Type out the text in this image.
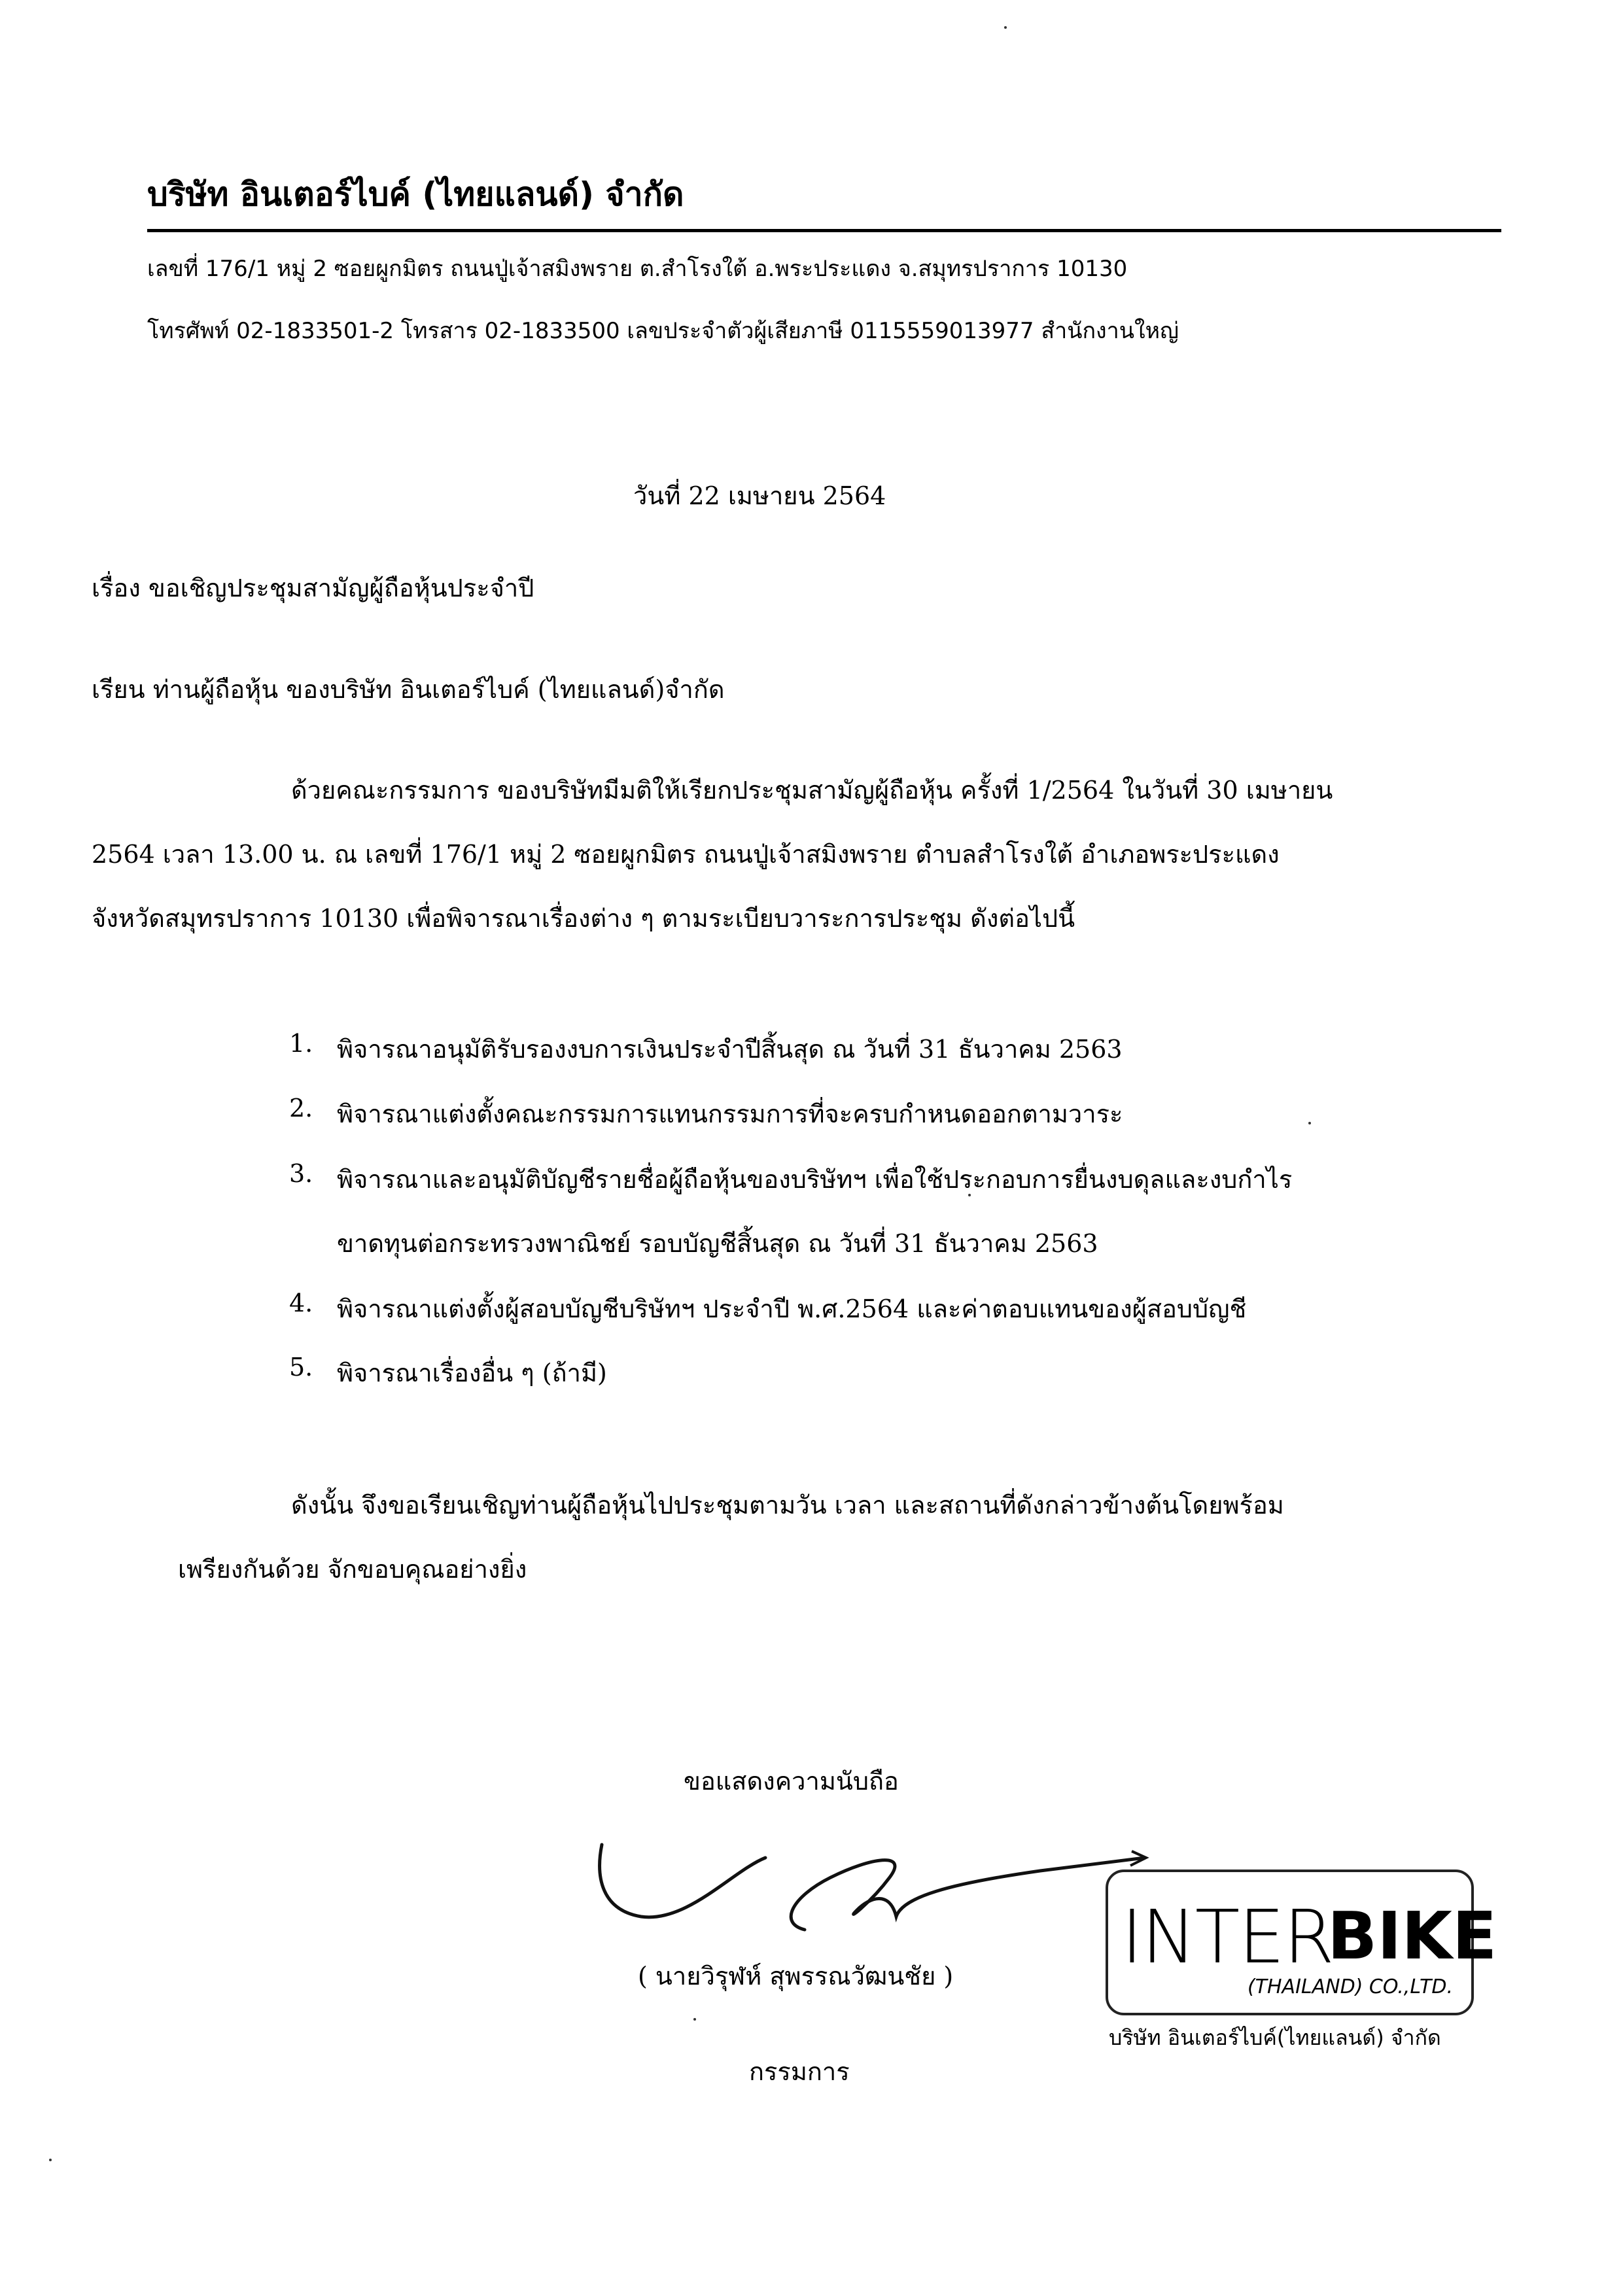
บริษัท อินเตอร์ไบค์ (ไทยแลนด์) จำกัด
เลขที่ 176/1 หมู่ 2 ซอยผูกมิตร ถนนปู่เจ้าสมิงพราย ต.สำโรงใต้ อ.พระประแดง จ.สมุทรปราการ 10130
โทรศัพท์ 02-1833501-2 โทรสาร 02-1833500 เลขประจำตัวผู้เสียภาษี 0115559013977 สำนักงานใหญ่
วันที่ 22 เมษายน 2564
เรื่อง ขอเชิญประชุมสามัญผู้ถือหุ้นประจำปี
เรียน ท่านผู้ถือหุ้น ของบริษัท อินเตอร์ไบค์ (ไทยแลนด์)จำกัด
ด้วยคณะกรรมการ ของบริษัทมีมติให้เรียกประชุมสามัญผู้ถือหุ้น ครั้งที่ 1/2564 ในวันที่ 30 เมษายน
2564 เวลา 13.00 น. ณ เลขที่ 176/1 หมู่ 2 ซอยผูกมิตร ถนนปู่เจ้าสมิงพราย ตำบลสำโรงใต้ อำเภอพระประแดง
จังหวัดสมุทรปราการ 10130 เพื่อพิจารณาเรื่องต่าง ๆ ตามระเบียบวาระการประชุม ดังต่อไปนี้
1. พิจารณาอนุมัติรับรองงบการเงินประจำปีสิ้นสุด ณ วันที่ 31 ธันวาคม 2563
2. พิจารณาแต่งตั้งคณะกรรมการแทนกรรมการที่จะครบกำหนดออกตามวาระ
3. พิจารณาและอนุมัติบัญชีรายชื่อผู้ถือหุ้นของบริษัทฯ เพื่อใช้ประกอบการยื่นงบดุลและงบกำไร
ขาดทุนต่อกระทรวงพาณิชย์ รอบบัญชีสิ้นสุด ณ วันที่ 31 ธันวาคม 2563
4. พิจารณาแต่งตั้งผู้สอบบัญชีบริษัทฯ ประจำปี พ.ศ.2564 และค่าตอบแทนของผู้สอบบัญชี
5. พิจารณาเรื่องอื่น ๆ (ถ้ามี)
ดังนั้น จึงขอเรียนเชิญท่านผู้ถือหุ้นไปประชุมตามวัน เวลา และสถานที่ดังกล่าวข้างต้นโดยพร้อม
เพรียงกันด้วย จักขอบคุณอย่างยิ่ง
ขอแสดงความนับถือ
( นายวิรุฬห์ สุพรรณวัฒนชัย )
กรรมการ
INTER
BIKE
(THAILAND) CO.,LTD.
บริษัท อินเตอร์ไบค์(ไทยแลนด์) จำกัด
